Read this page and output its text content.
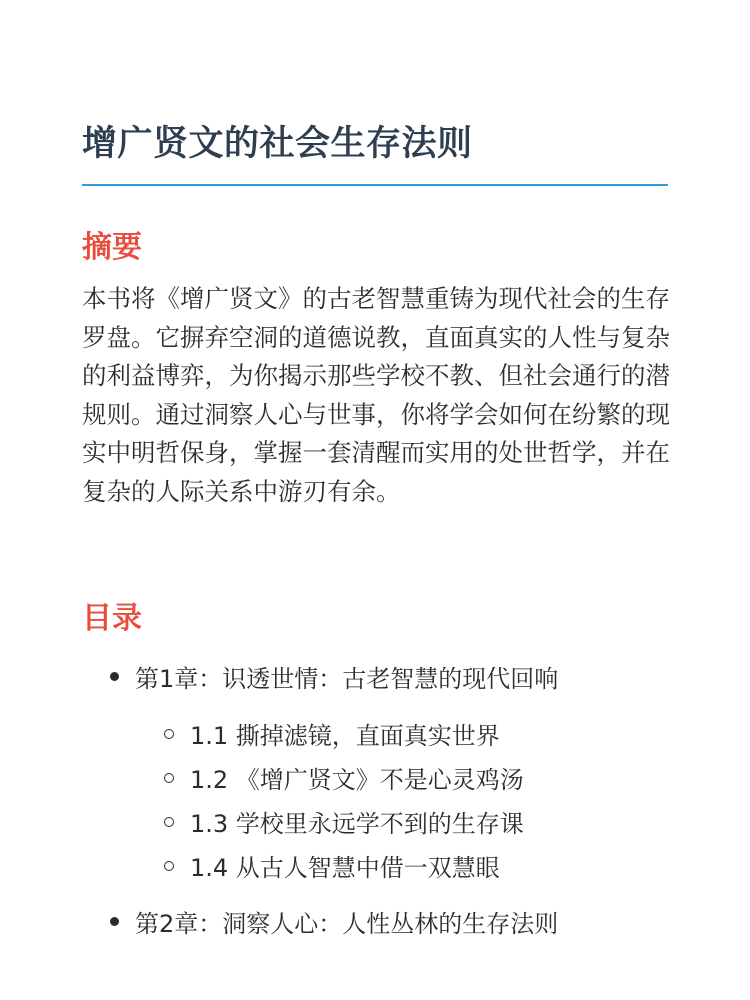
增广贤文的社会生存法则
摘要

本书将《增广贤文》的古老智慧重铸为现代社会的生存罗盘。它摒弃空洞的道德说教，直面真实的人性与复杂的利益博弈，为你揭示那些学校不教、但社会通行的潜规则。通过洞察人心与世事，你将学会如何在纷繁的现实中明哲保身，掌握一套清醒而实用的处世哲学，并在复杂的人际关系中游刃有余。

目录
第1章：识透世情：古老智慧的现代回响
1.1 撕掉滤镜，直面真实世界
1.2 《增广贤文》不是心灵鸡汤
1.3 学校里永远学不到的生存课
1.4 从古人智慧中借一双慧眼
第2章：洞察人心：人性丛林的生存法则
